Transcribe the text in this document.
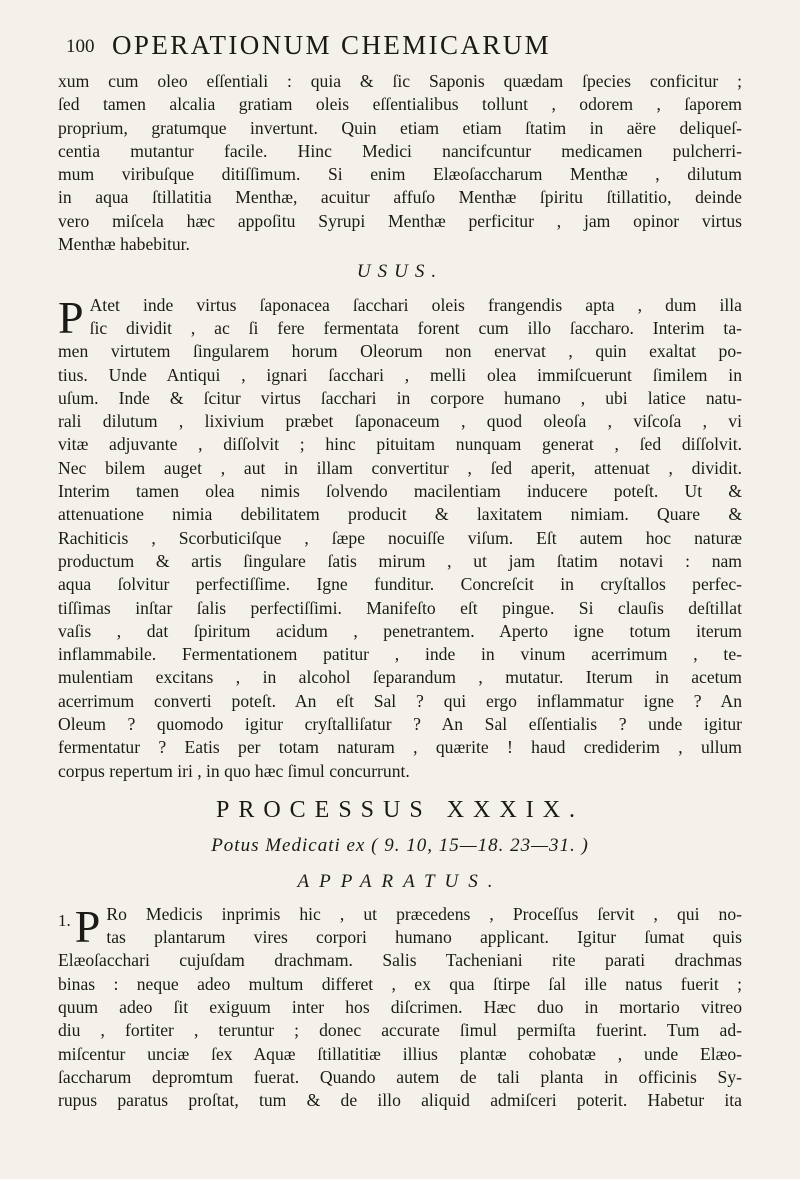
100 OPERATIONUM CHEMICARUM

xum cum oleo eſſentiali : quia & ſic Saponis quædam ſpecies conficitur ;
ſed tamen alcalia gratiam oleis eſſentialibus tollunt , odorem , ſaporem
proprium, gratumque invertunt. Quin etiam etiam ſtatim in aëre deliqueſ-
centia mutantur facile. Hinc Medici nancifcuntur medicamen pulcherri-
mum viribuſque ditiſſimum. Si enim Elæoſaccharum Menthæ , dilutum
in aqua ſtillatitia Menthæ, acuitur affuſo Menthæ ſpiritu ſtillatitio, deinde
vero miſcela hæc appoſitu Syrupi Menthæ perficitur , jam opinor virtus
Menthæ habebitur.

USUS.

P Atet inde virtus ſaponacea ſacchari oleis frangendis apta , dum illa
ſic dividit , ac ſi fere fermentata forent cum illo ſaccharo. Interim ta-
men virtutem ſingularem horum Oleorum non enervat , quin exaltat po-
tius. Unde Antiqui , ignari ſacchari , melli olea immiſcuerunt ſimilem in
uſum. Inde & ſcitur virtus ſacchari in corpore humano , ubi latice natu-
rali dilutum , lixivium præbet ſaponaceum , quod oleoſa , viſcoſa , vi
vitæ adjuvante , diſſolvit ; hinc pituitam nunquam generat , ſed diſſolvit.
Nec bilem auget , aut in illam convertitur , ſed aperit, attenuat , dividit.
Interim tamen olea nimis ſolvendo macilentiam inducere poteſt. Ut &
attenuatione nimia debilitatem producit & laxitatem nimiam. Quare &
Rachiticis , Scorbuticiſque , ſæpe nocuiſſe viſum. Eſt autem hoc naturæ
productum & artis ſingulare ſatis mirum , ut jam ſtatim notavi : nam
aqua ſolvitur perfectiſſime. Igne funditur. Concreſcit in cryſtallos perfec-
tiſſimas inſtar ſalis perfectiſſimi. Manifeſto eſt pingue. Si clauſis deſtillat
vaſis , dat ſpiritum acidum , penetrantem. Aperto igne totum iterum
inflammabile. Fermentationem patitur , inde in vinum acerrimum , te-
mulentiam excitans , in alcohol ſeparandum , mutatur. Iterum in acetum
acerrimum converti poteſt. An eſt Sal ? qui ergo inflammatur igne ? An
Oleum ? quomodo igitur cryſtalliſatur ? An Sal eſſentialis ? unde igitur
fermentatur ? Eatis per totam naturam , quærite ! haud crediderim , ullum
corpus repertum iri , in quo hæc ſimul concurrunt.

PROCESSUS XXXIX.
Potus Medicati ex ( 9. 10, 15—18. 23—31. )
APPARATUS.

1. P Ro Medicis inprimis hic , ut præcedens , Proceſſus ſervit , qui no-
tas plantarum vires corpori humano applicant. Igitur ſumat quis
Elæoſacchari cujuſdam drachmam. Salis Tacheniani rite parati drachmas
binas : neque adeo multum differet , ex qua ſtirpe ſal ille natus fuerit ;
quum adeo ſit exiguum inter hos diſcrimen. Hæc duo in mortario vitreo
diu , fortiter , teruntur ; donec accurate ſimul permiſta fuerint. Tum ad-
miſcentur unciæ ſex Aquæ ſtillatitiæ illius plantæ cohobatæ , unde Elæo-
ſaccharum depromtum fuerat. Quando autem de tali planta in officinis Sy-
rupus paratus proſtat, tum & de illo aliquid admiſceri poterit. Habetur ita
